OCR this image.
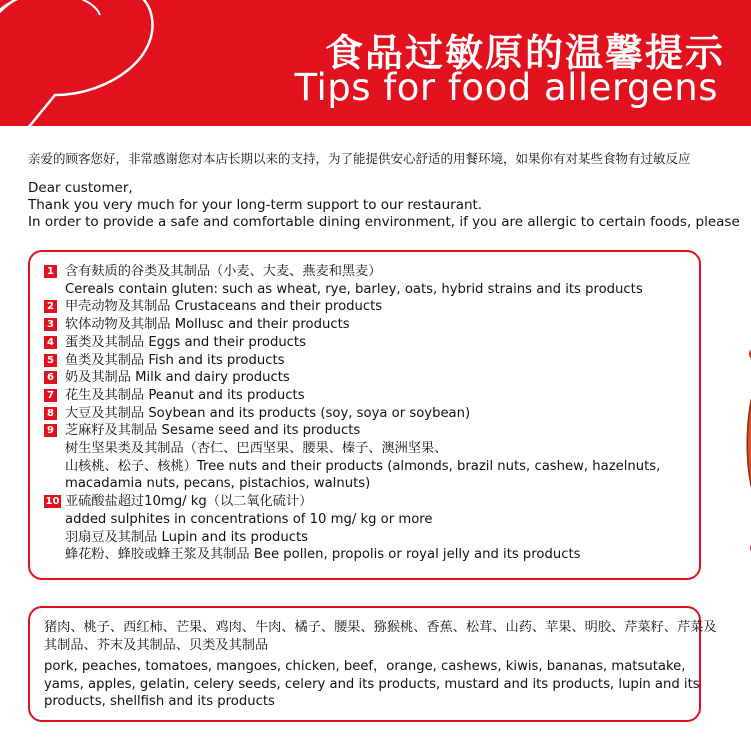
食品过敏原的温馨提示
Tips for food allergens
亲爱的顾客您好，非常感谢您对本店长期以来的支持，为了能提供安心舒适的用餐环境，如果你有对某些食物有过敏反应
Dear customer,
Thank you very much for your long-term support to our restaurant.
In order to provide a safe and comfortable dining environment, if you are allergic to certain foods, please
1 含有麸质的谷类及其制品（小麦、大麦、燕麦和黑麦）
Cereals contain gluten: such as wheat, rye, barley, oats, hybrid strains and its products
2 甲壳动物及其制品 Crustaceans and their products
3 软体动物及其制品 Mollusc and their products
4 蛋类及其制品 Eggs and their products
5 鱼类及其制品 Fish and its products
6 奶及其制品 Milk and dairy products
7 花生及其制品 Peanut and its products
8 大豆及其制品 Soybean and its products (soy, soya or soybean)
9 芝麻籽及其制品 Sesame seed and its products
树生坚果类及其制品（杏仁、巴西坚果、腰果、榛子、澳洲坚果、
山核桃、松子、核桃）Tree nuts and their products (almonds, brazil nuts, cashew, hazelnuts,
macadamia nuts, pecans, pistachios, walnuts)
10 亚硫酸盐超过10mg/ kg（以二氧化硫计）
added sulphites in concentrations of 10 mg/ kg or more
羽扇豆及其制品 Lupin and its products
蜂花粉、蜂胶或蜂王浆及其制品 Bee pollen, propolis or royal jelly and its products
猪肉、桃子、西红柿、芒果、鸡肉、牛肉、橘子、腰果、猕猴桃、香蕉、松茸、山药、苹果、明胶、芹菜籽、芹菜及
其制品、芥末及其制品、贝类及其制品
pork, peaches, tomatoes, mangoes, chicken, beef，orange, cashews, kiwis, bananas, matsutake,
yams, apples, gelatin, celery seeds, celery and its products, mustard and its products, lupin and its
products, shellfish and its products
